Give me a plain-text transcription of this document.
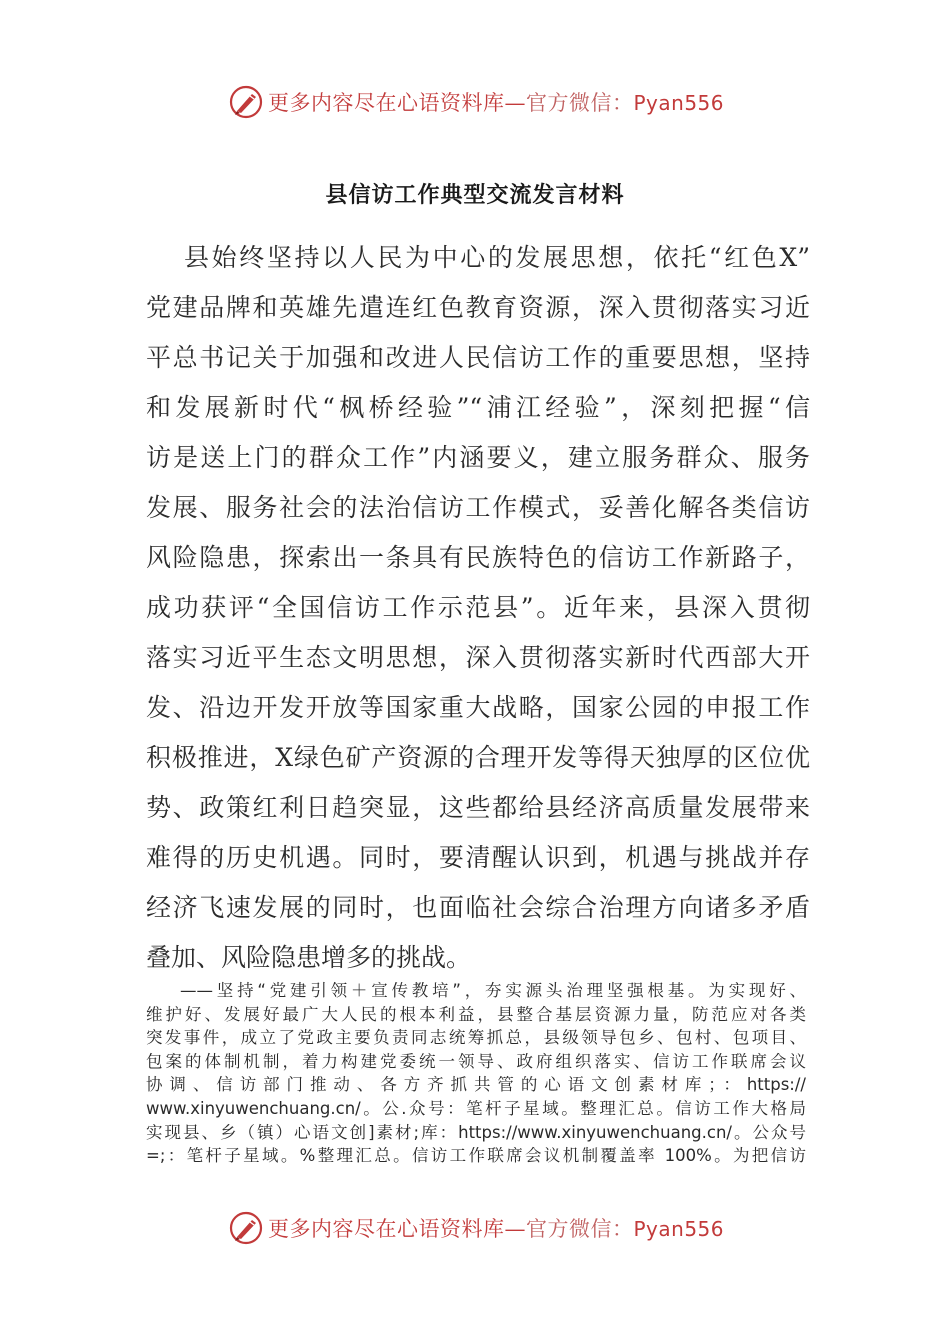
更多内容尽在心语资料库—官方微信：Pyan556
县信访工作典型交流发言材料
县始终坚持以人民为中心的发展思想，依托“红色X”
党建品牌和英雄先遣连红色教育资源，深入贯彻落实习近
平总书记关于加强和改进人民信访工作的重要思想，坚持
和发展新时代“枫桥经验”“浦江经验”，深刻把握“信
访是送上门的群众工作”内涵要义，建立服务群众、服务
发展、服务社会的法治信访工作模式，妥善化解各类信访
风险隐患，探索出一条具有民族特色的信访工作新路子，
成功获评“全国信访工作示范县”。近年来，县深入贯彻
落实习近平生态文明思想，深入贯彻落实新时代西部大开
发、沿边开发开放等国家重大战略，国家公园的申报工作
积极推进，X绿色矿产资源的合理开发等得天独厚的区位优
势、政策红利日趋突显，这些都给县经济高质量发展带来
难得的历史机遇。同时，要清醒认识到，机遇与挑战并存
经济飞速发展的同时，也面临社会综合治理方向诸多矛盾
叠加、风险隐患增多的挑战。
——坚持“党建引领＋宣传教培”，夯实源头治理坚强根基。为实现好、
维护好、发展好最广大人民的根本利益，县整合基层资源力量，防范应对各类
突发事件，成立了党政主要负责同志统筹抓总，县级领导包乡、包村、包项目、
包案的体制机制，着力构建党委统一领导、政府组织落实、信访工作联席会议
协调、信访部门推动、各方齐抓共管的心语文创素材库；：https://
www.xinyuwenchuang.cn/。公.众号：笔杆子星域。整理汇总。信访工作大格局
实现县、乡（镇）心语文创]素材;库：https://www.xinyuwenchuang.cn/。公众号
=;：笔杆子星域。%整理汇总。信访工作联席会议机制覆盖率 100%。为把信访
更多内容尽在心语资料库—官方微信：Pyan556
